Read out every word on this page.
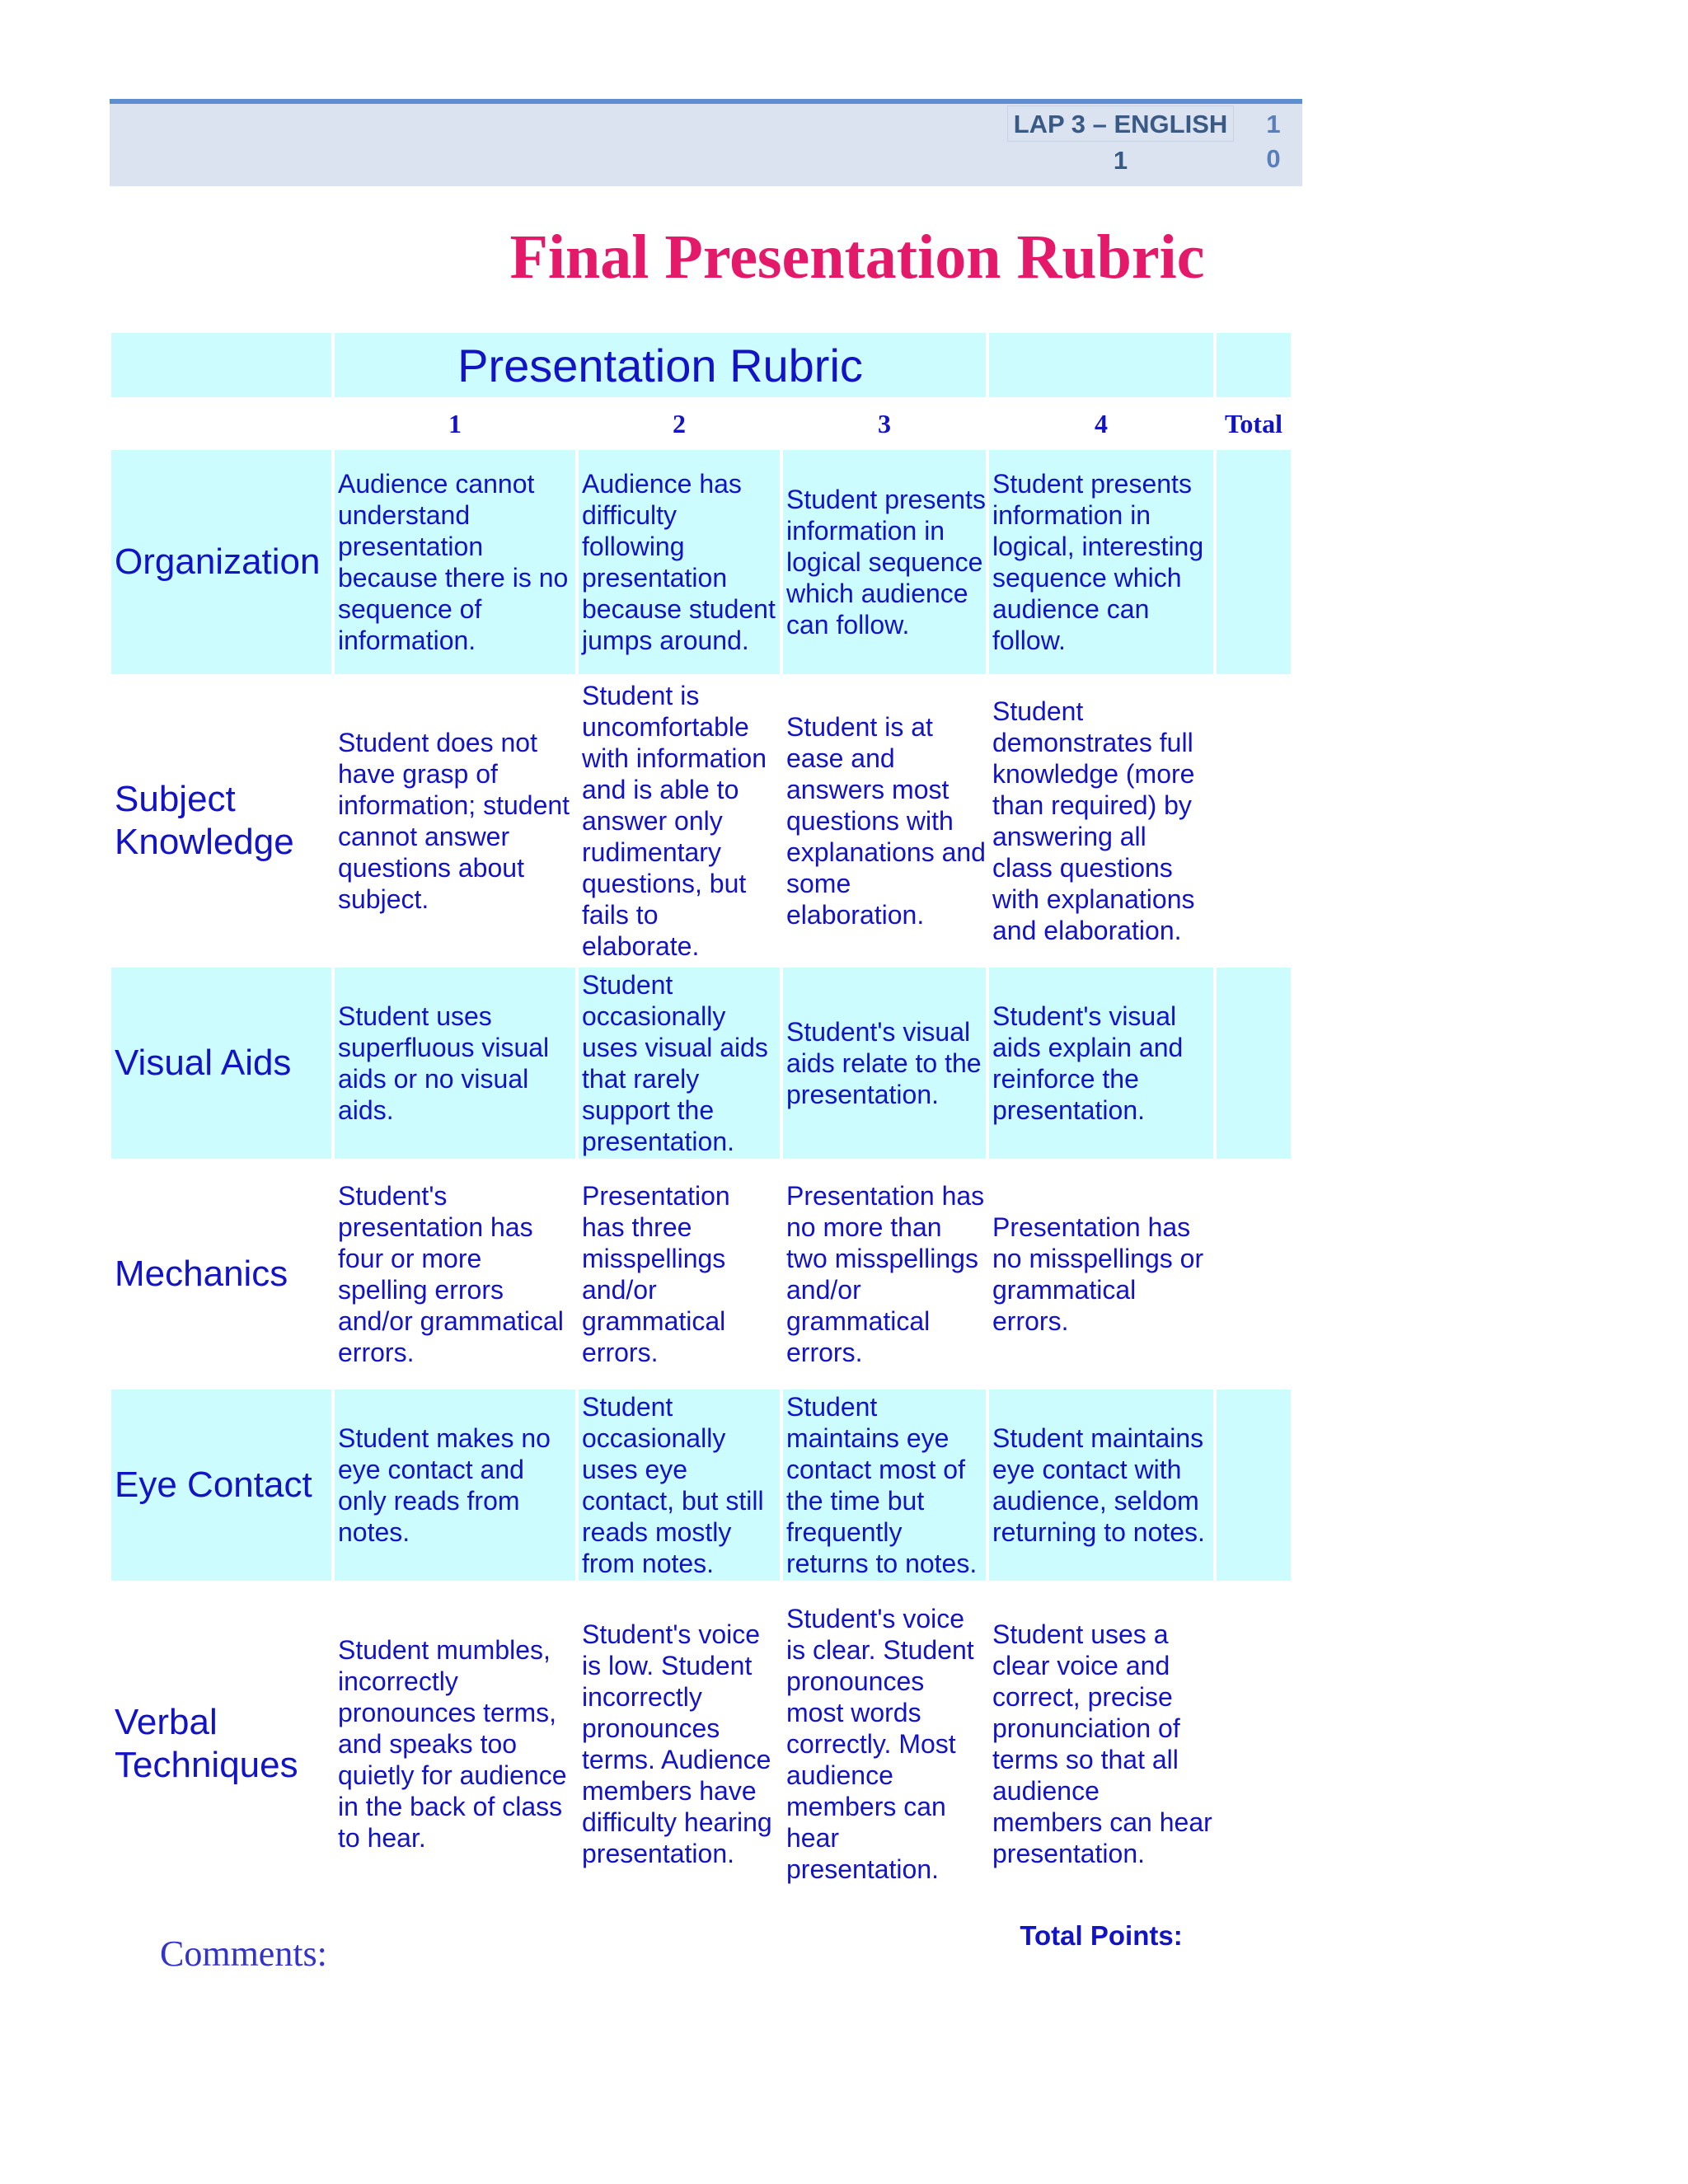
LAP 3 – ENGLISH 1
10
Final Presentation Rubric
	Presentation Rubric				
	1	2	3	4	Total
Organization	Audience cannot understand presentation because there is no sequence of information.	Audience has difficulty following presentation because student jumps around.	Student presents information in logical sequence which audience can follow.	Student presents information in logical, interesting sequence which audience can follow.	
Subject Knowledge	Student does not have grasp of information; student cannot answer questions about subject.	Student is uncomfortable with information and is able to answer only rudimentary questions, but fails to elaborate.	Student is at ease and answers most questions with explanations and some elaboration.	Student demonstrates full knowledge (more than required) by answering all class questions with explanations and elaboration.	
Visual Aids	Student uses superfluous visual aids or no visual aids.	Student occasionally uses visual aids that rarely support the presentation.	Student's visual aids relate to the presentation.	Student's visual aids explain and reinforce the presentation.	
Mechanics	Student's presentation has four or more spelling errors and/or grammatical errors.	Presentation has three misspellings and/or grammatical errors.	Presentation has no more than two misspellings and/or grammatical errors.	Presentation has no misspellings or grammatical errors.	
Eye Contact	Student makes no eye contact and only reads from notes.	Student occasionally uses eye contact, but still reads mostly from notes.	Student maintains eye contact most of the time but frequently returns to notes.	Student maintains eye contact with audience, seldom returning to notes.	
Verbal Techniques	Student mumbles, incorrectly pronounces terms, and speaks too quietly for audience in the back of class to hear.	Student's voice is low. Student incorrectly pronounces terms. Audience members have difficulty hearing presentation.	Student's voice is clear. Student pronounces most words correctly. Most audience members can hear presentation.	Student uses a clear voice and correct, precise pronunciation of terms so that all audience members can hear presentation.	
				Total Points:	
Comments:
